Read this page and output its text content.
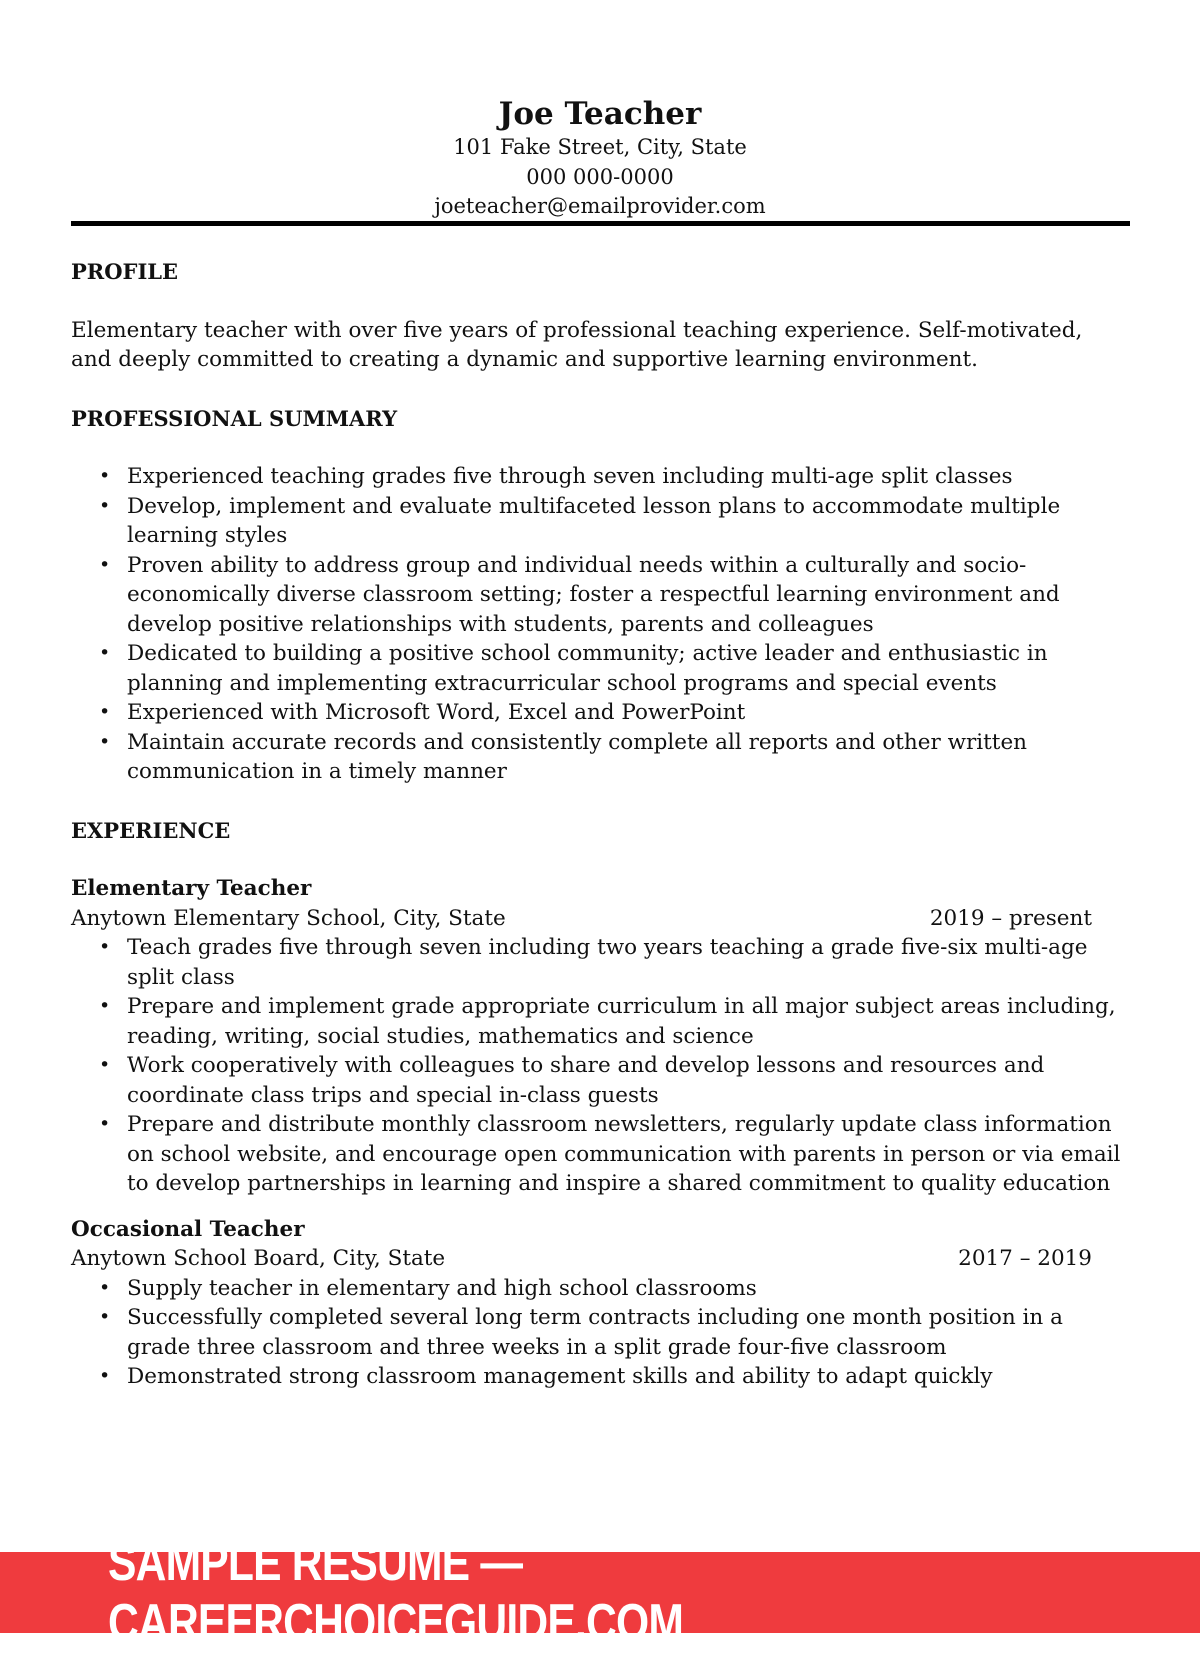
Joe Teacher
101 Fake Street, City, State
000 000-0000
joeteacher@emailprovider.com
PROFILE
Elementary teacher with over five years of professional teaching experience. Self-motivated, and deeply committed to creating a dynamic and supportive learning environment.
PROFESSIONAL SUMMARY
• Experienced teaching grades five through seven including multi-age split classes
• Develop, implement and evaluate multifaceted lesson plans to accommodate multiple learning styles
• Proven ability to address group and individual needs within a culturally and socio-economically diverse classroom setting; foster a respectful learning environment and develop positive relationships with students, parents and colleagues
• Dedicated to building a positive school community; active leader and enthusiastic in planning and implementing extracurricular school programs and special events
• Experienced with Microsoft Word, Excel and PowerPoint
• Maintain accurate records and consistently complete all reports and other written communication in a timely manner
EXPERIENCE
Elementary Teacher
Anytown Elementary School, City, State	2019 – present
• Teach grades five through seven including two years teaching a grade five-six multi-age split class
• Prepare and implement grade appropriate curriculum in all major subject areas including, reading, writing, social studies, mathematics and science
• Work cooperatively with colleagues to share and develop lessons and resources and coordinate class trips and special in-class guests
• Prepare and distribute monthly classroom newsletters, regularly update class information on school website, and encourage open communication with parents in person or via email to develop partnerships in learning and inspire a shared commitment to quality education
Occasional Teacher
Anytown School Board, City, State	2017 – 2019
• Supply teacher in elementary and high school classrooms
• Successfully completed several long term contracts including one month position in a grade three classroom and three weeks in a split grade four-five classroom
• Demonstrated strong classroom management skills and ability to adapt quickly
SAMPLE RESUME — CAREERCHOICEGUIDE.COM
